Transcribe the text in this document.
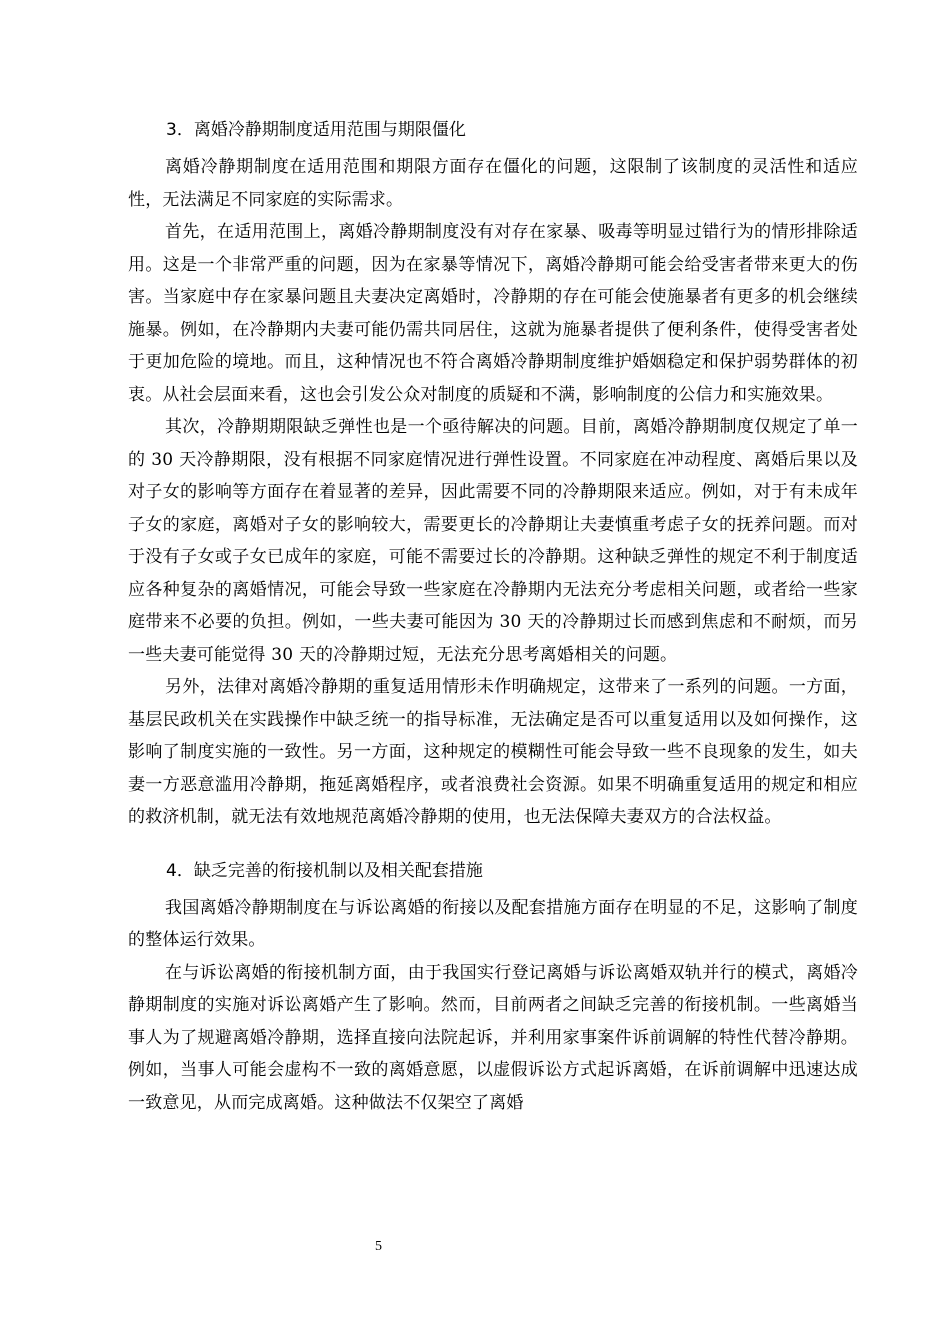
3．离婚冷静期制度适用范围与期限僵化

离婚冷静期制度在适用范围和期限方面存在僵化的问题，这限制了该制度的灵活性和适应性，无法满足不同家庭的实际需求。

首先，在适用范围上，离婚冷静期制度没有对存在家暴、吸毒等明显过错行为的情形排除适用。这是一个非常严重的问题，因为在家暴等情况下，离婚冷静期可能会给受害者带来更大的伤害。当家庭中存在家暴问题且夫妻决定离婚时，冷静期的存在可能会使施暴者有更多的机会继续施暴。例如，在冷静期内夫妻可能仍需共同居住，这就为施暴者提供了便利条件，使得受害者处于更加危险的境地。而且，这种情况也不符合离婚冷静期制度维护婚姻稳定和保护弱势群体的初衷。从社会层面来看，这也会引发公众对制度的质疑和不满，影响制度的公信力和实施效果。

其次，冷静期期限缺乏弹性也是一个亟待解决的问题。目前，离婚冷静期制度仅规定了单一的 30 天冷静期限，没有根据不同家庭情况进行弹性设置。不同家庭在冲动程度、离婚后果以及对子女的影响等方面存在着显著的差异，因此需要不同的冷静期限来适应。例如，对于有未成年子女的家庭，离婚对子女的影响较大，需要更长的冷静期让夫妻慎重考虑子女的抚养问题。而对于没有子女或子女已成年的家庭，可能不需要过长的冷静期。这种缺乏弹性的规定不利于制度适应各种复杂的离婚情况，可能会导致一些家庭在冷静期内无法充分考虑相关问题，或者给一些家庭带来不必要的负担。例如，一些夫妻可能因为 30 天的冷静期过长而感到焦虑和不耐烦，而另一些夫妻可能觉得 30 天的冷静期过短，无法充分思考离婚相关的问题。

另外，法律对离婚冷静期的重复适用情形未作明确规定，这带来了一系列的问题。一方面，基层民政机关在实践操作中缺乏统一的指导标准，无法确定是否可以重复适用以及如何操作，这影响了制度实施的一致性。另一方面，这种规定的模糊性可能会导致一些不良现象的发生，如夫妻一方恶意滥用冷静期，拖延离婚程序，或者浪费社会资源。如果不明确重复适用的规定和相应的救济机制，就无法有效地规范离婚冷静期的使用，也无法保障夫妻双方的合法权益。

4．缺乏完善的衔接机制以及相关配套措施

我国离婚冷静期制度在与诉讼离婚的衔接以及配套措施方面存在明显的不足，这影响了制度的整体运行效果。

在与诉讼离婚的衔接机制方面，由于我国实行登记离婚与诉讼离婚双轨并行的模式，离婚冷静期制度的实施对诉讼离婚产生了影响。然而，目前两者之间缺乏完善的衔接机制。一些离婚当事人为了规避离婚冷静期，选择直接向法院起诉，并利用家事案件诉前调解的特性代替冷静期。例如，当事人可能会虚构不一致的离婚意愿，以虚假诉讼方式起诉离婚，在诉前调解中迅速达成一致意见，从而完成离婚。这种做法不仅架空了离婚

5
